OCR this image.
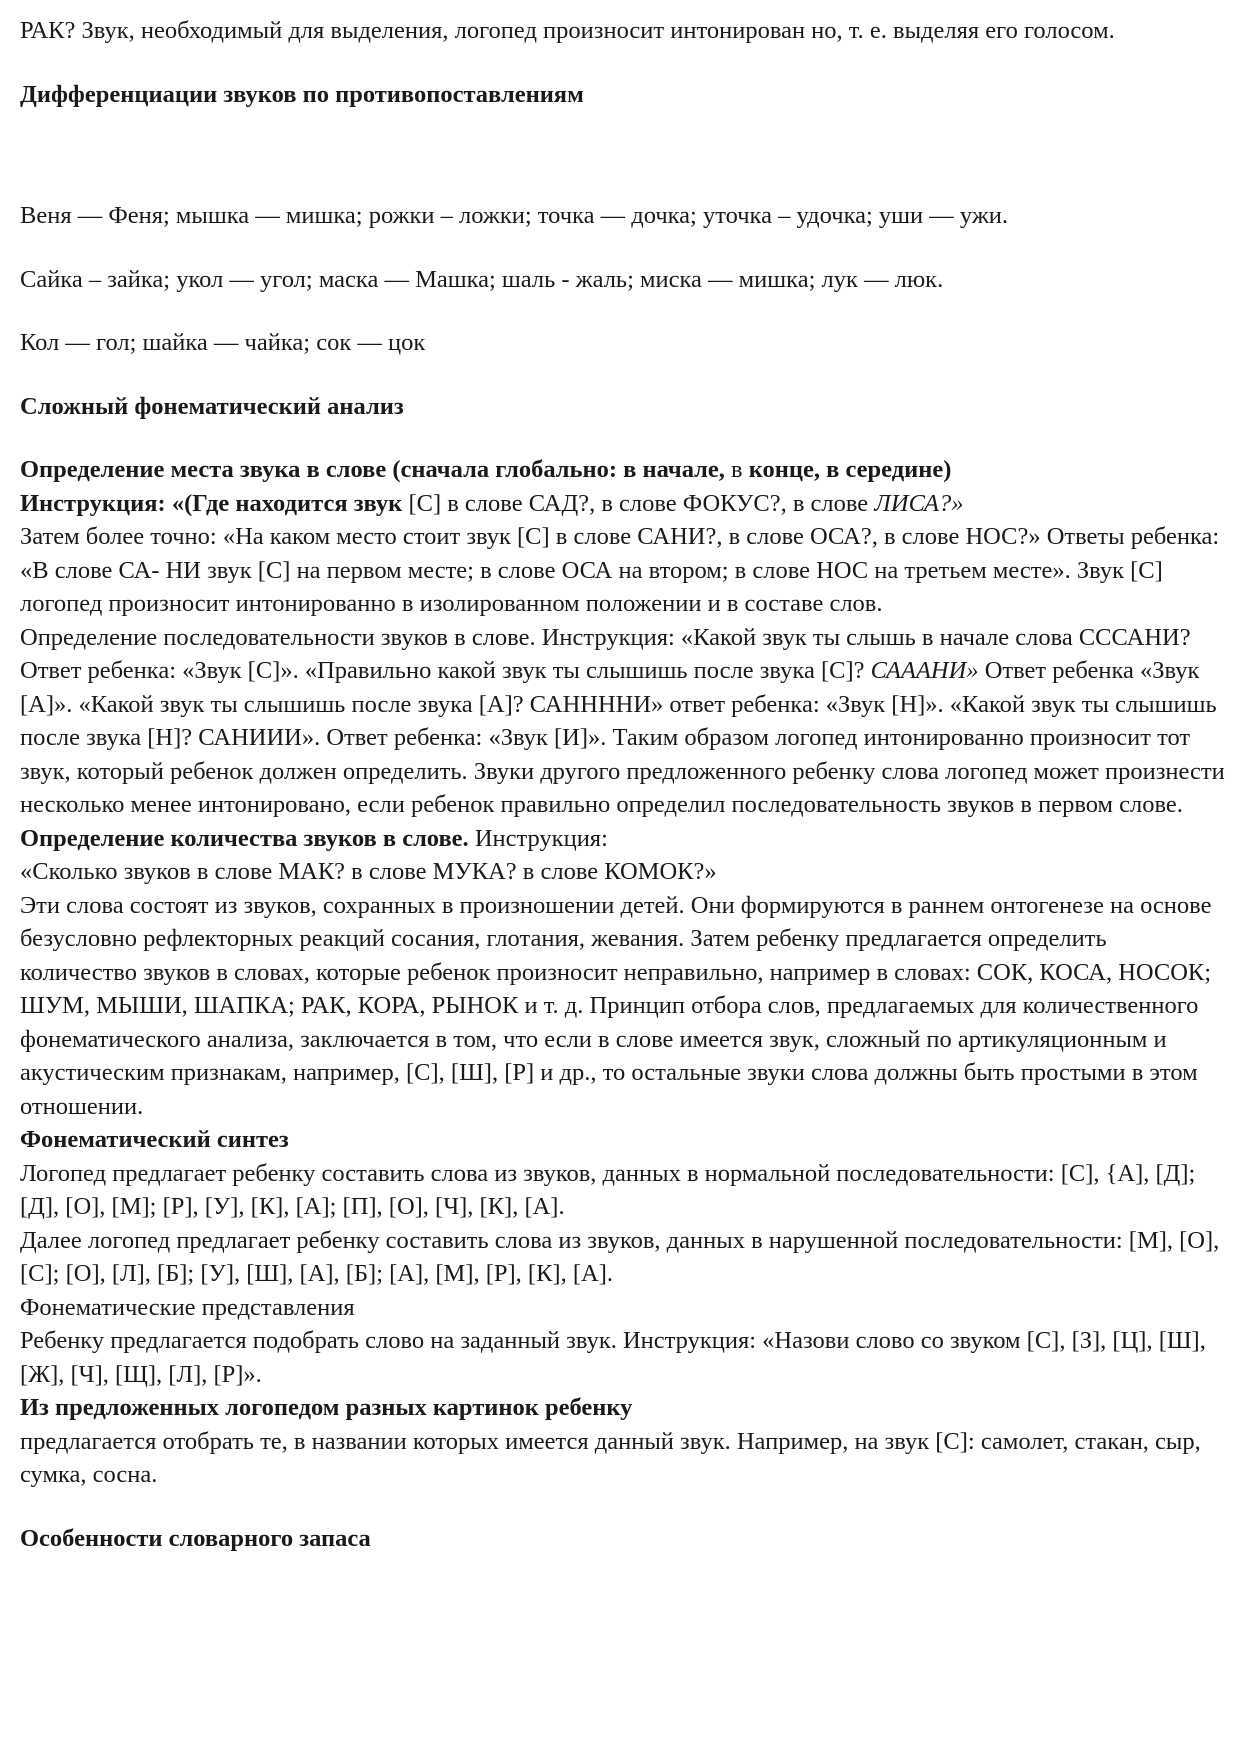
РАК? Звук, необходимый для выделения, логопед произносит интонирован но, т. е. выделяя его голосом.

Дифференциации звуков по противопоставлениям

Веня — Феня; мышка — мишка; рожки – ложки; точка — дочка; уточка – удочка; уши — ужи.

Сайка – зайка; укол — угол; маска — Машка; шаль - жаль; миска — мишка; лук — люк.

Кол — гол; шайка — чайка; сок — цок

Сложный фонематический анализ

Определение места звука в слове (сначала глобально: в начале, в конце, в середине)

Инструкция: «(Где находится звук [С] в слове САД?, в слове ФОКУС?, в слове ЛИСА?»

Затем более точно: «На каком место стоит звук [С] в слове САНИ?, в слове ОСА?, в слове НОС?» Ответы ребенка: «В слове СА- НИ звук [С] на первом месте; в слове ОСА на втором; в слове НОС на третьем месте». Звук [С] логопед произносит интонированно в изолированном положении и в составе слов.

Определение последовательности звуков в слове. Инструкция: «Какой звук ты слышь в начале слова СССАНИ? Ответ ребенка: «Звук [С]». «Правильно какой звук ты слышишь после звука [С]? СААAНИ» Ответ ребенка «Звук [А]». «Какой звук ты слышишь после звука [А]? САННННИ» ответ ребенка: «Звук [Н]». «Какой звук ты слышишь после звука [Н]? САНИИИ». Ответ ребенка: «Звук [И]». Таким образом логопед интонированно произносит тот звук, который ребенок должен определить. Звуки другого предложенного ребенку слова логопед может произнести несколько менее интонировано, если ребенок правильно определил последовательность звуков в первом слове.

Определение количества звуков в слове. Инструкция:

«Сколько звуков в слове МАК? в слове МУКА? в слове КОМОК?»

Эти слова состоят из звуков, сохранных в произношении детей. Они формируются в раннем онтогенезе на основе безусловно рефлекторных реакций сосания, глотания, жевания. Затем ребенку предлагается определить количество звуков в словах, которые ребенок произносит неправильно, например в словах: СОК, КОСА, НОСОК; ШУМ, МЫШИ, ШАПКА; РАК, КОРА, РЫНОК и т. д. Принцип отбора слов, предлагаемых для количественного фонематического анализа, заключается в том, что если в слове имеется звук, сложный по артикуляционным и акустическим признакам, например, [С], [Ш], [Р] и др., то остальные звуки слова должны быть простыми в этом отношении.

Фонематический синтез

Логопед предлагает ребенку составить слова из звуков, данных в нормальной последовательности: [С], {А], [Д]; [Д], [О], [М]; [Р], [У], [К], [А]; [П], [О], [Ч], [К], [А].

Далее логопед предлагает ребенку составить слова из звуков, данных в нарушенной последовательности: [М], [О], [С]; [О], [Л], [Б]; [У], [Ш], [А], [Б]; [А], [М], [Р], [К], [А].

Фонематические представления

Ребенку предлагается подобрать слово на заданный звук. Инструкция: «Назови слово со звуком [С], [З], [Ц], [Ш], [Ж], [Ч], [Щ], [Л], [Р]».

Из предложенных логопедом разных картинок ребенку

предлагается отобрать те, в названии которых имеется данный звук. Например, на звук [С]: самолет, стакан, сыр, сумка, сосна.

Особенности словарного запаса
